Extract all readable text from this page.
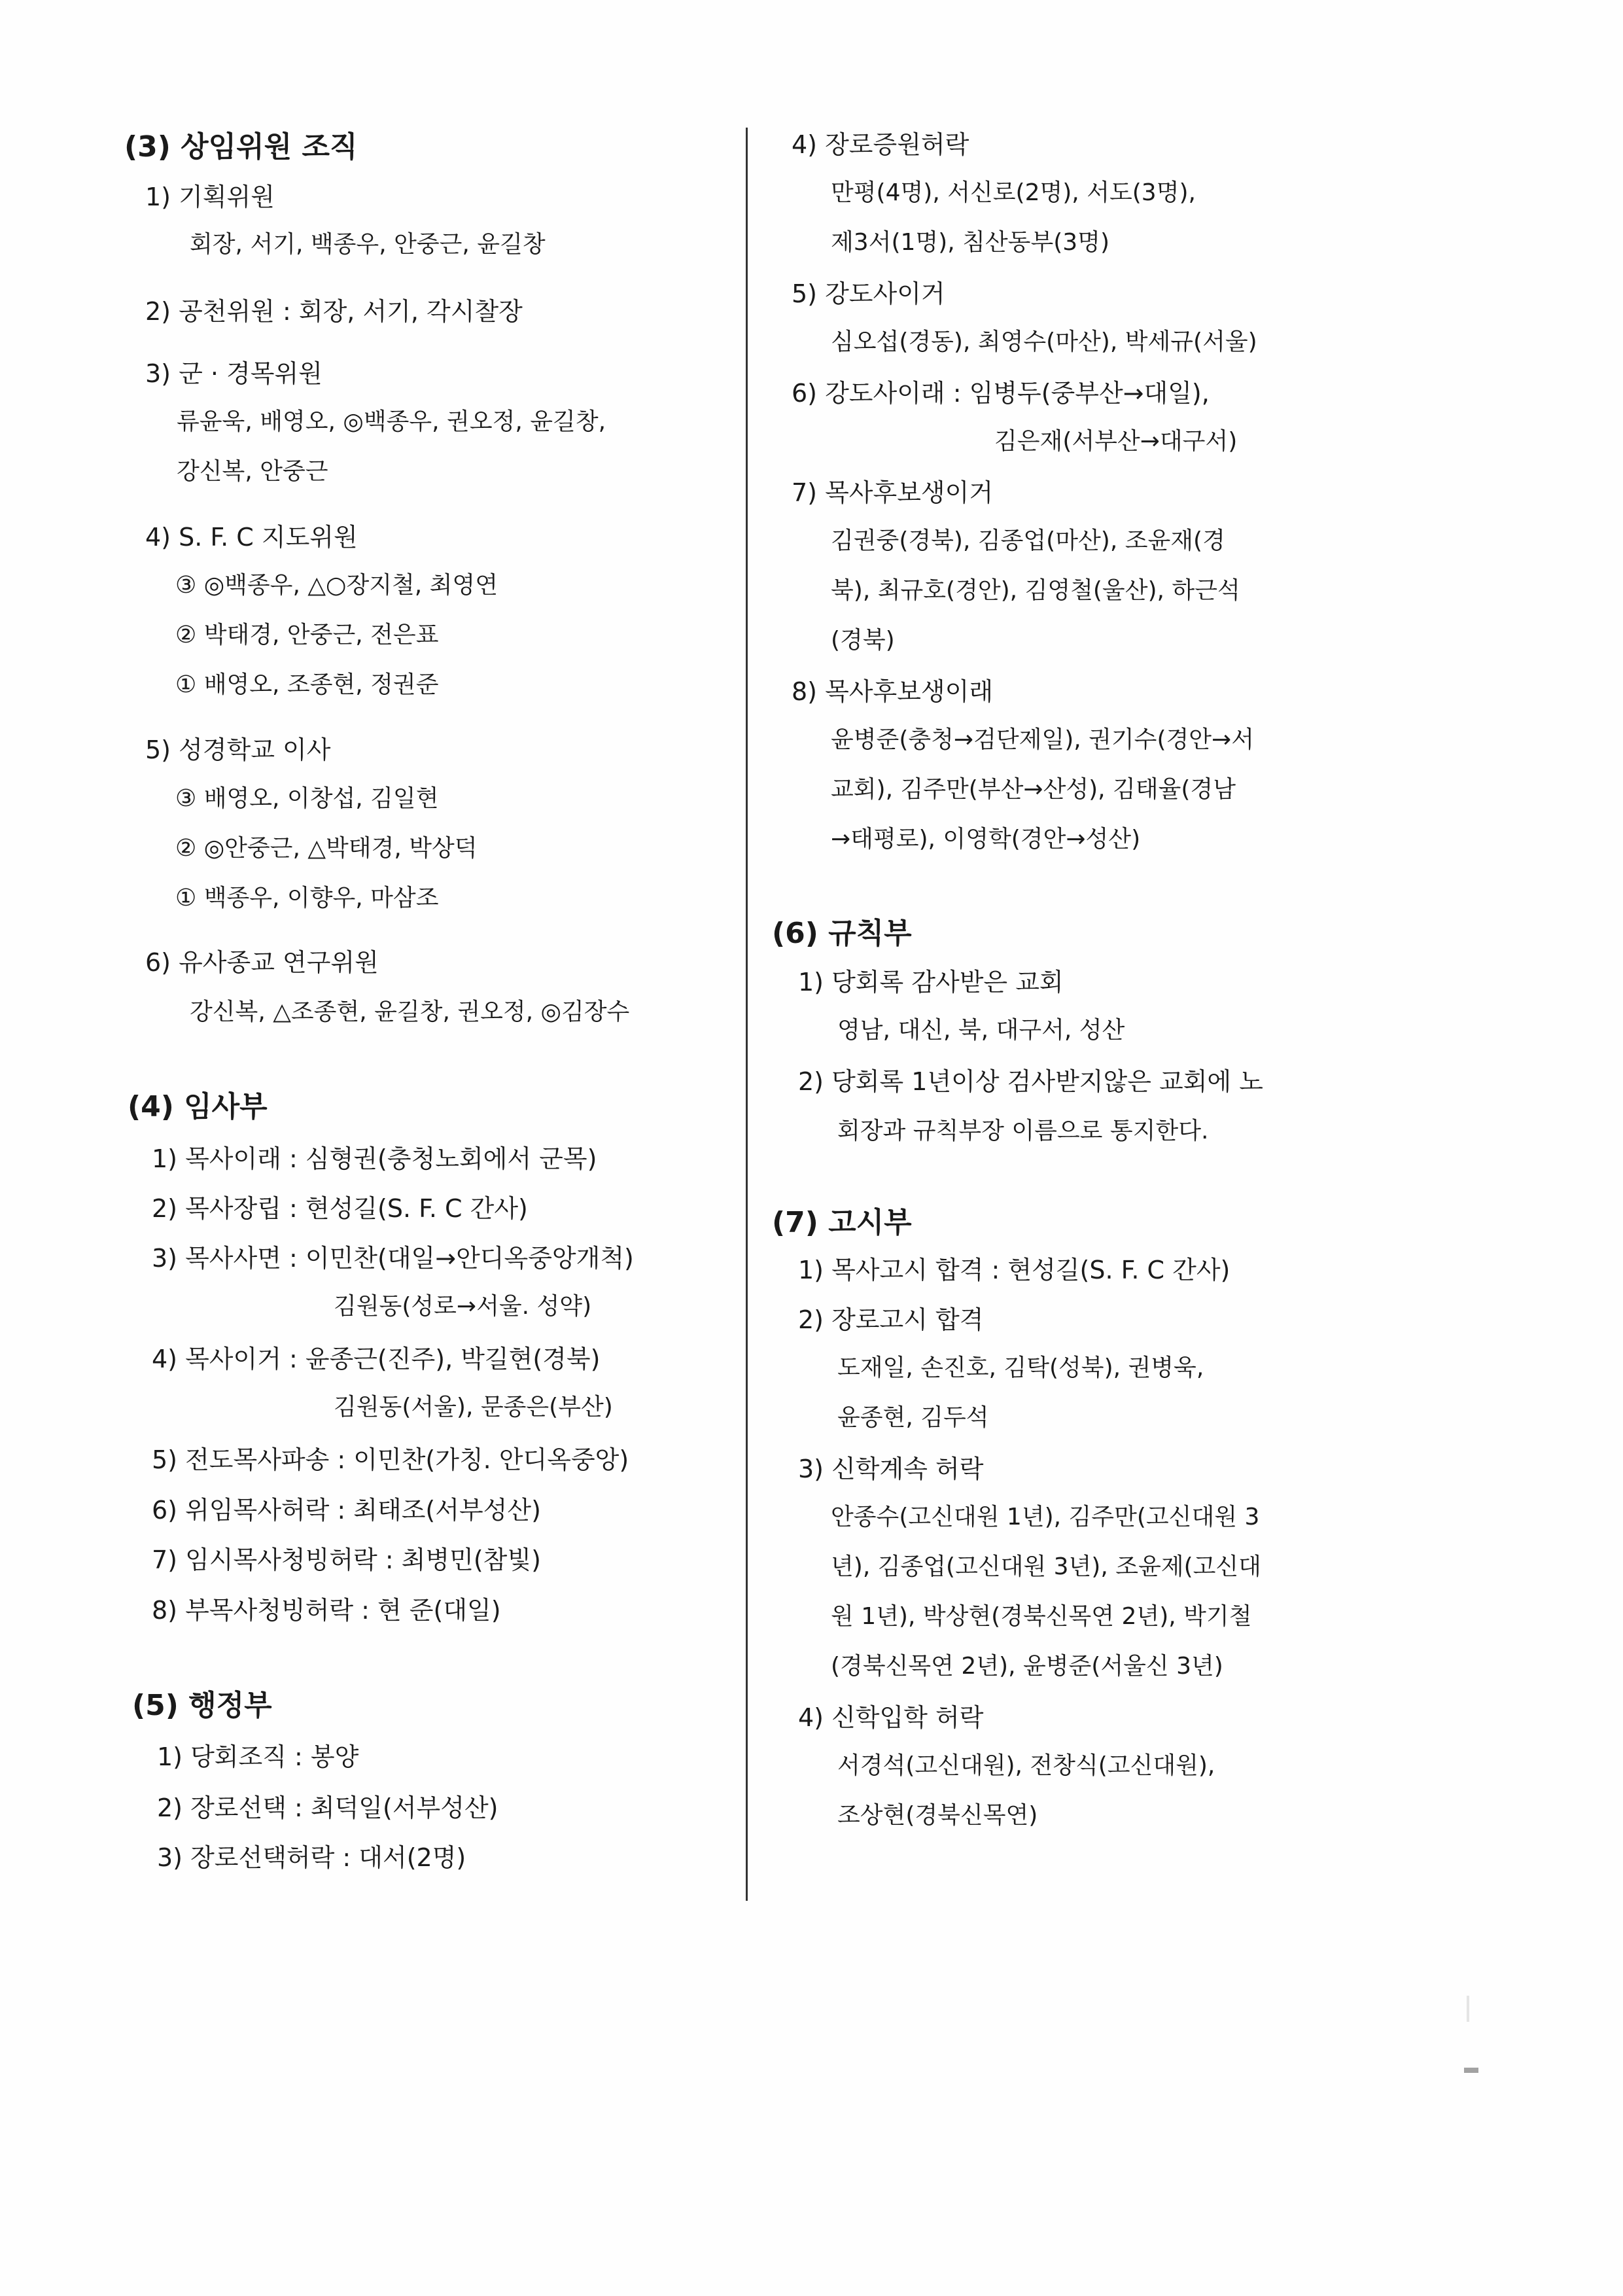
(3) 상임위원 조직
1) 기획위원
회장, 서기, 백종우, 안중근, 윤길창
2) 공천위원 : 회장, 서기, 각시찰장
3) 군 · 경목위원
류윤욱, 배영오, ◎백종우, 권오정, 윤길창,
강신복, 안중근
4) S. F. C 지도위원
③ ◎백종우, △○장지철, 최영연
② 박태경, 안중근, 전은표
① 배영오, 조종현, 정권준
5) 성경학교 이사
③ 배영오, 이창섭, 김일현
② ◎안중근, △박태경, 박상덕
① 백종우, 이향우, 마삼조
6) 유사종교 연구위원
강신복, △조종현, 윤길창, 권오정, ◎김장수
(4) 임사부
1) 목사이래 : 심형권(충청노회에서 군목)
2) 목사장립 : 현성길(S. F. C 간사)
3) 목사사면 : 이민찬(대일→안디옥중앙개척)
김원동(성로→서울. 성약)
4) 목사이거 : 윤종근(진주), 박길현(경북)
김원동(서울), 문종은(부산)
5) 전도목사파송 : 이민찬(가칭. 안디옥중앙)
6) 위임목사허락 : 최태조(서부성산)
7) 임시목사청빙허락 : 최병민(참빛)
8) 부목사청빙허락 : 현 준(대일)
(5) 행정부
1) 당회조직 : 봉양
2) 장로선택 : 최덕일(서부성산)
3) 장로선택허락 : 대서(2명)
4) 장로증원허락
만평(4명), 서신로(2명), 서도(3명),
제3서(1명), 침산동부(3명)
5) 강도사이거
심오섭(경동), 최영수(마산), 박세규(서울)
6) 강도사이래 : 임병두(중부산→대일),
김은재(서부산→대구서)
7) 목사후보생이거
김권중(경북), 김종업(마산), 조윤재(경
북), 최규호(경안), 김영철(울산), 하근석
(경북)
8) 목사후보생이래
윤병준(충청→검단제일), 권기수(경안→서
교회), 김주만(부산→산성), 김태율(경남
→태평로), 이영학(경안→성산)
(6) 규칙부
1) 당회록 감사받은 교회
영남, 대신, 북, 대구서, 성산
2) 당회록 1년이상 검사받지않은 교회에 노
회장과 규칙부장 이름으로 통지한다.
(7) 고시부
1) 목사고시 합격 : 현성길(S. F. C 간사)
2) 장로고시 합격
도재일, 손진호, 김탁(성북), 권병욱,
윤종현, 김두석
3) 신학계속 허락
안종수(고신대원 1년), 김주만(고신대원 3
년), 김종업(고신대원 3년), 조윤제(고신대
원 1년), 박상현(경북신목연 2년), 박기철
(경북신목연 2년), 윤병준(서울신 3년)
4) 신학입학 허락
서경석(고신대원), 전창식(고신대원),
조상현(경북신목연)
